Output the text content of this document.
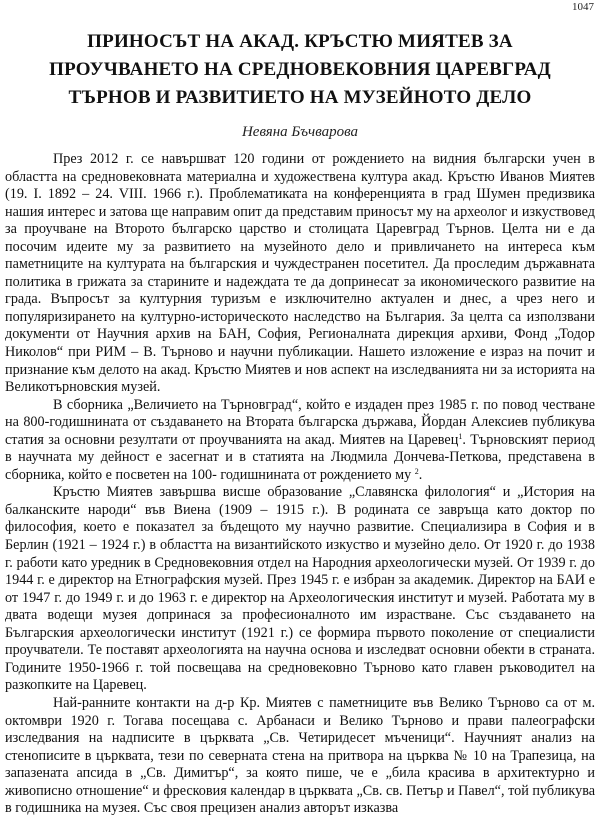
1047
ПРИНОСЪТ НА АКАД. КРЪСТЮ МИЯТЕВ ЗА
ПРОУЧВАНЕТО НА СРЕДНОВЕКОВНИЯ ЦАРЕВГРАД
ТЪРНОВ И РАЗВИТИЕТО НА МУЗЕЙНОТО ДЕЛО
Невяна Бъчварова

През 2012 г. се навършват 120 години от рождението на видния български учен в областта на средновековната материална и художествена култура акад. Кръстю Иванов Миятев (19. I. 1892 – 24. VIII. 1966 г.). Проблематиката на конференцията в град Шумен предизвика нашия интерес и затова ще направим опит да представим приносът му на археолог и изкуствовед за проучване на Второто българско царство и столицата Царевград Търнов. Целта ни е да посочим идеите му за развитието на музейното дело и привличането на интереса към паметниците на културата на българския и чуждестранен посетител. Да проследим държавната политика в грижата за старините и надеждата те да допринесат за икономического развитие на града. Въпросът за културния туризъм е изключително актуален и днес, а чрез него и популяризирането на културно-историческото наследство на България. За целта са използвани документи от Научния архив на БАН, София, Регионалната дирекция архиви, Фонд „Тодор Николов“ при РИМ – В. Търново и научни публикации. Нашето изложение е израз на почит и признание към делото на акад. Кръстю Миятев и нов аспект на изследванията ни за историята на Великотърновския музей.

В сборника „Величието на Търновград“, който е издаден през 1985 г. по повод честване на 800-годишнината от създаването на Втората българска държава, Йордан Алексиев публикува статия за основни резултати от проучванията на акад. Миятев на Царевец$^1$. Търновският период в научната му дейност е засегнат и в статията на Людмила Дончева-Петкова, представена в сборника, който е посветен на 100- годишнината от рождението му $^2$.

Кръстю Миятев завършва висше образование „Славянска филология“ и „История на балканските народи“ във Виена (1909 – 1915 г.). В родината се завръща като доктор по философия, което е показател за бъдещото му научно развитие. Специализира в София и в Берлин (1921 – 1924 г.) в областта на византийското изкуство и музейно дело. От 1920 г. до 1938 г. работи като уредник в Средновековния отдел на Народния археологически музей. От 1939 г. до 1944 г. е директор на Етнографския музей. През 1945 г. е избран за академик. Директор на БАИ е от 1947 г. до 1949 г. и до 1963 г. е директор на Археологическия институт и музей. Работата му в двата водещи музея допринася за професионалното им израстване. Със създаването на Българския археологически институт (1921 г.) се формира първото поколение от специалисти проучватели. Те поставят археологията на научна основа и изследват основни обекти в страната. Годините 1950-1966 г. той посвещава на средновековно Търново като главен ръководител на разкопките на Царевец.

Най-ранните контакти на д-р Кр. Миятев с паметниците във Велико Търново са от м. октомври 1920 г. Тогава посещава с. Арбанаси и Велико Търново и прави палеографски изследвания на надписите в църквата „Св. Четиридесет мъченици“. Научният анализ на стенописите в църквата, тези по северната стена на притвора на църква № 10 на Трапезица, на запазената апсида в „Св. Димитър“, за която пише, че е „била красива в архитектурно и живописно отношение“ и фресковия календар в църквата „Св. св. Петър и Павел“, той публикува в годишника на музея. Със своя прецизен анализ авторът изказва
